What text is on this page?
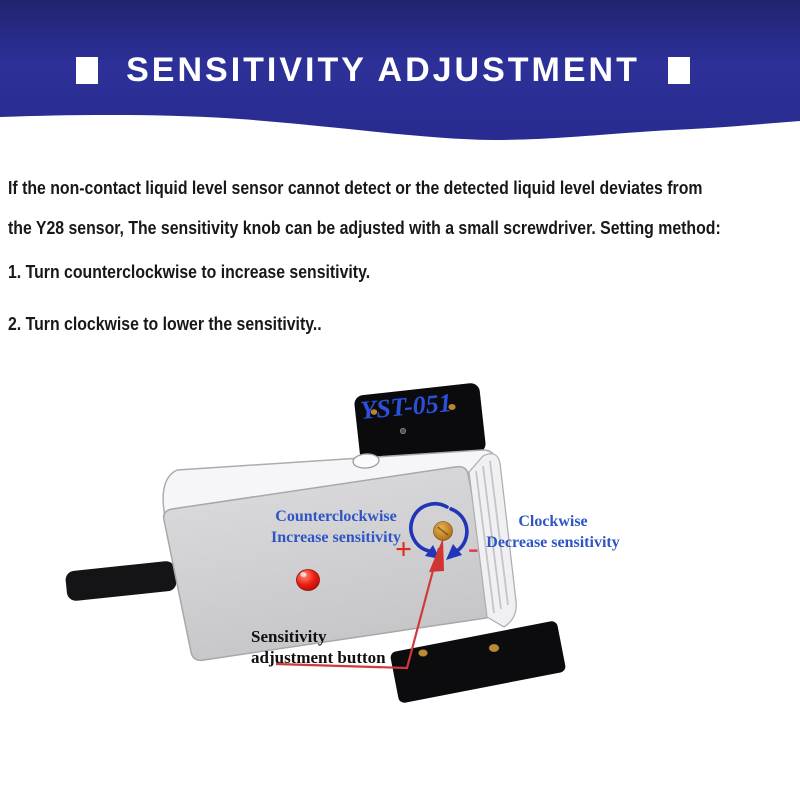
SENSITIVITY ADJUSTMENT
If the non-contact liquid level sensor cannot detect or the detected liquid level deviates from
the Y28 sensor, The sensitivity knob can be adjusted with a small screwdriver. Setting method:
1. Turn counterclockwise to increase sensitivity.
2. Turn clockwise to lower the sensitivity..
YST-051
Counterclockwise
Increase sensitivity
Clockwise
Decrease sensitivity
+ -
Sensitivity
adjustment button
